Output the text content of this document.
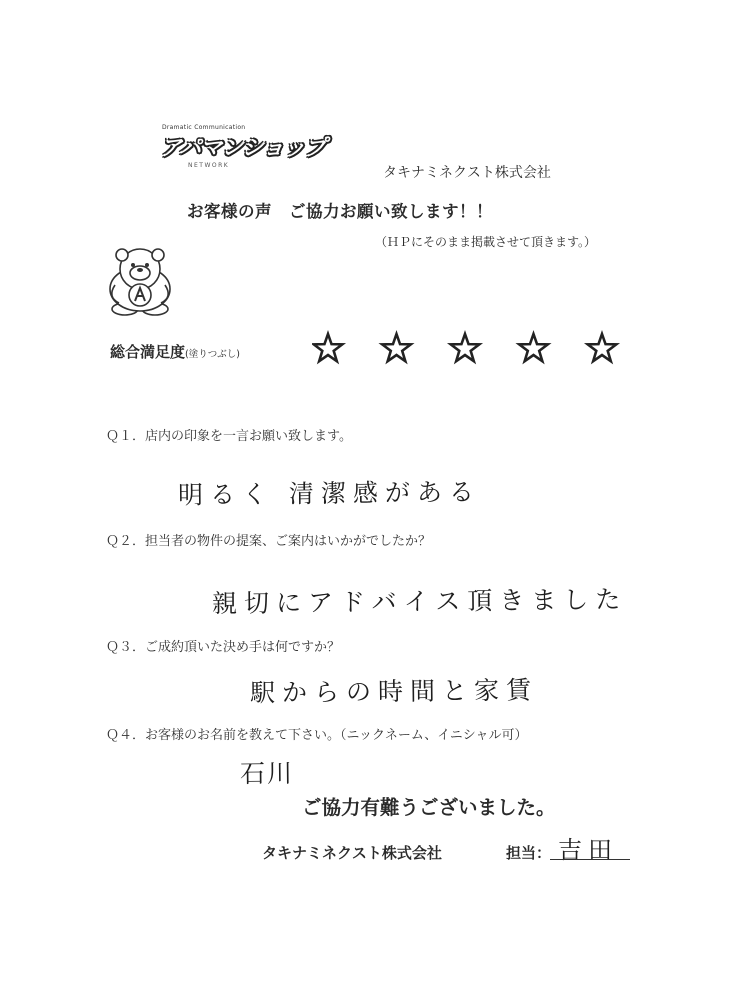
Dramatic Communication
アパマンショップ
NETWORK	タキナミネクスト株式会社
お客様の声　ご協力お願い致します！！
（ＨＰにそのまま掲載させて頂きます。）
総合満足度(塗りつぶし)
Ｑ１．店内の印象を一言お願い致します。
明るく 清潔感がある
Ｑ２．担当者の物件の提案、ご案内はいかがでしたか？
親切にアドバイス頂きました
Ｑ３．ご成約頂いた決め手は何ですか？
駅からの時間と家賃
Ｑ４．お客様のお名前を教えて下さい。（ニックネーム、イニシャル可）
石川
ご協力有難うございました。
タキナミネクスト株式会社	担当： 吉田
